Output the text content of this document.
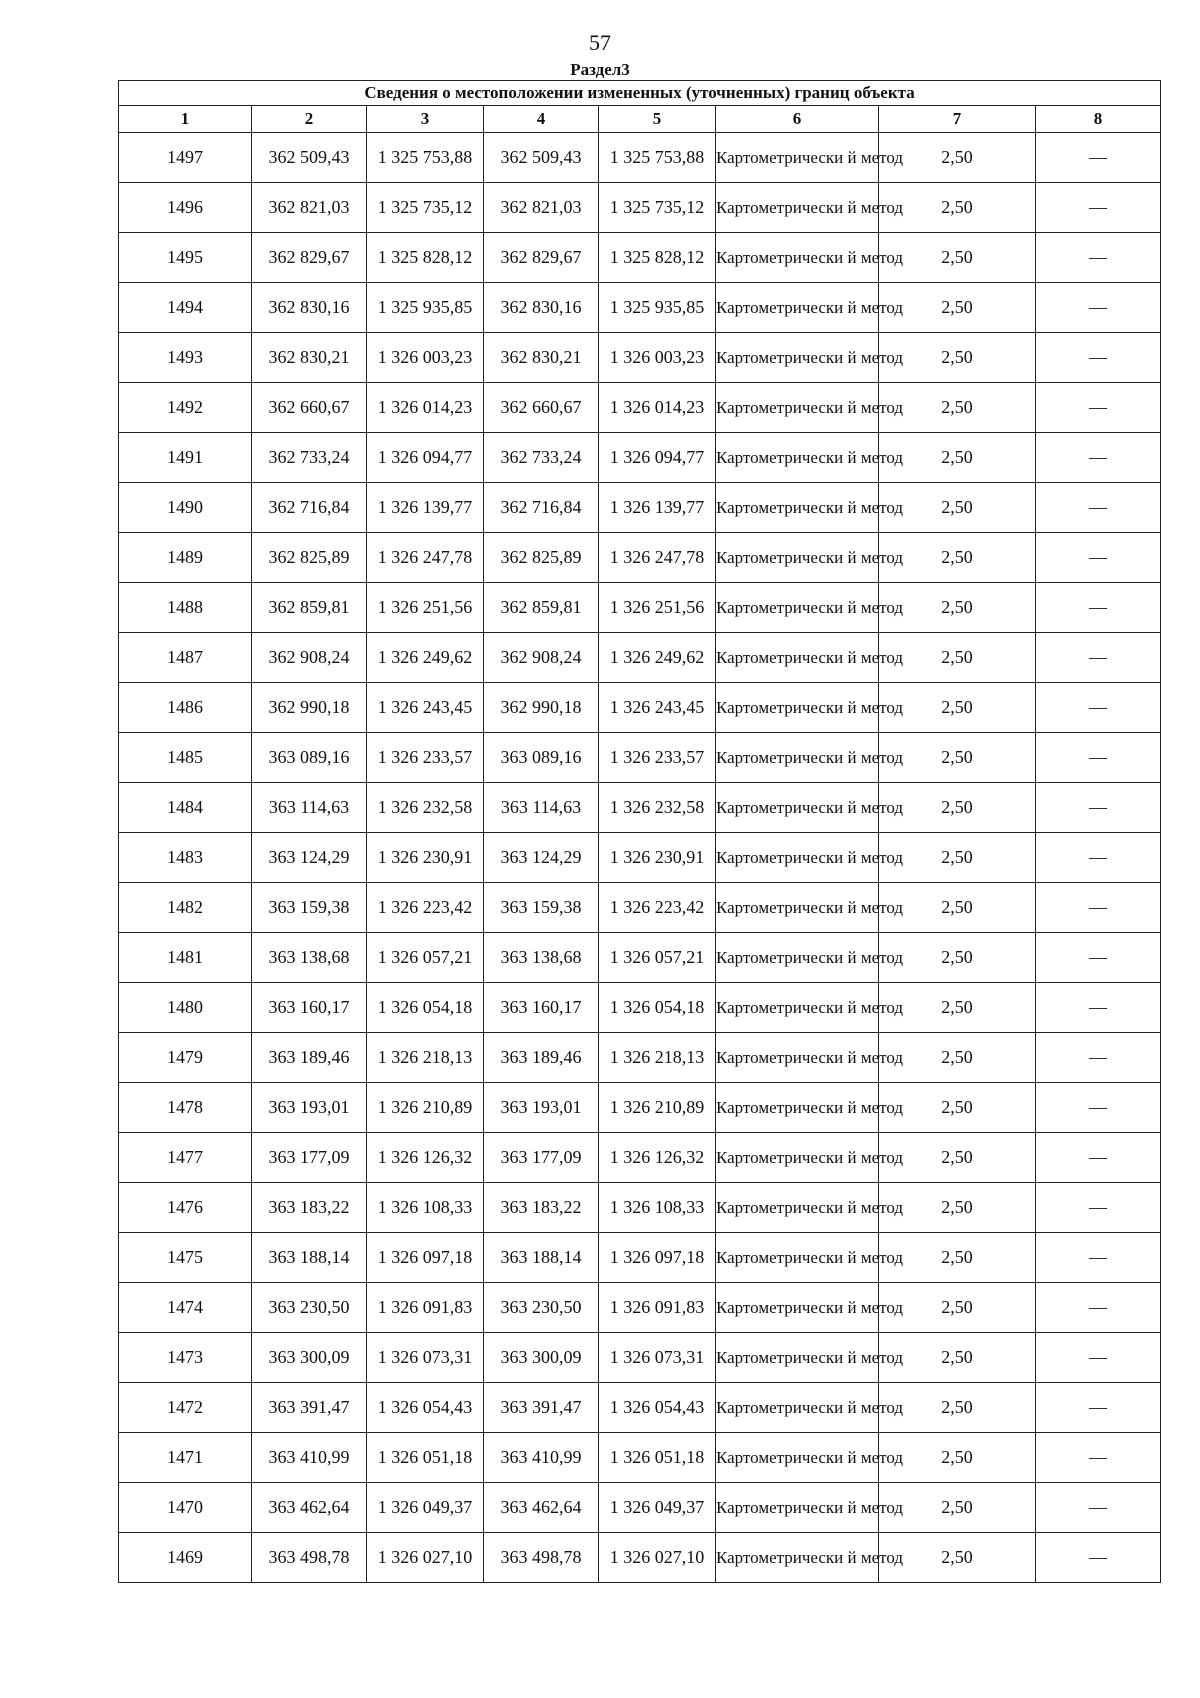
57
Раздел3
Сведения о местоположении измененных (уточненных) границ объекта							
1	2	3	4	5	6	7	8
1497	362 509,43	1 325 753,88	362 509,43	1 325 753,88	Картометрически й метод	2,50	—
1496	362 821,03	1 325 735,12	362 821,03	1 325 735,12	Картометрически й метод	2,50	—
1495	362 829,67	1 325 828,12	362 829,67	1 325 828,12	Картометрически й метод	2,50	—
1494	362 830,16	1 325 935,85	362 830,16	1 325 935,85	Картометрически й метод	2,50	—
1493	362 830,21	1 326 003,23	362 830,21	1 326 003,23	Картометрически й метод	2,50	—
1492	362 660,67	1 326 014,23	362 660,67	1 326 014,23	Картометрически й метод	2,50	—
1491	362 733,24	1 326 094,77	362 733,24	1 326 094,77	Картометрически й метод	2,50	—
1490	362 716,84	1 326 139,77	362 716,84	1 326 139,77	Картометрически й метод	2,50	—
1489	362 825,89	1 326 247,78	362 825,89	1 326 247,78	Картометрически й метод	2,50	—
1488	362 859,81	1 326 251,56	362 859,81	1 326 251,56	Картометрически й метод	2,50	—
1487	362 908,24	1 326 249,62	362 908,24	1 326 249,62	Картометрически й метод	2,50	—
1486	362 990,18	1 326 243,45	362 990,18	1 326 243,45	Картометрически й метод	2,50	—
1485	363 089,16	1 326 233,57	363 089,16	1 326 233,57	Картометрически й метод	2,50	—
1484	363 114,63	1 326 232,58	363 114,63	1 326 232,58	Картометрически й метод	2,50	—
1483	363 124,29	1 326 230,91	363 124,29	1 326 230,91	Картометрически й метод	2,50	—
1482	363 159,38	1 326 223,42	363 159,38	1 326 223,42	Картометрически й метод	2,50	—
1481	363 138,68	1 326 057,21	363 138,68	1 326 057,21	Картометрически й метод	2,50	—
1480	363 160,17	1 326 054,18	363 160,17	1 326 054,18	Картометрически й метод	2,50	—
1479	363 189,46	1 326 218,13	363 189,46	1 326 218,13	Картометрически й метод	2,50	—
1478	363 193,01	1 326 210,89	363 193,01	1 326 210,89	Картометрически й метод	2,50	—
1477	363 177,09	1 326 126,32	363 177,09	1 326 126,32	Картометрически й метод	2,50	—
1476	363 183,22	1 326 108,33	363 183,22	1 326 108,33	Картометрически й метод	2,50	—
1475	363 188,14	1 326 097,18	363 188,14	1 326 097,18	Картометрически й метод	2,50	—
1474	363 230,50	1 326 091,83	363 230,50	1 326 091,83	Картометрически й метод	2,50	—
1473	363 300,09	1 326 073,31	363 300,09	1 326 073,31	Картометрически й метод	2,50	—
1472	363 391,47	1 326 054,43	363 391,47	1 326 054,43	Картометрически й метод	2,50	—
1471	363 410,99	1 326 051,18	363 410,99	1 326 051,18	Картометрически й метод	2,50	—
1470	363 462,64	1 326 049,37	363 462,64	1 326 049,37	Картометрически й метод	2,50	—
1469	363 498,78	1 326 027,10	363 498,78	1 326 027,10	Картометрически й метод	2,50	—
